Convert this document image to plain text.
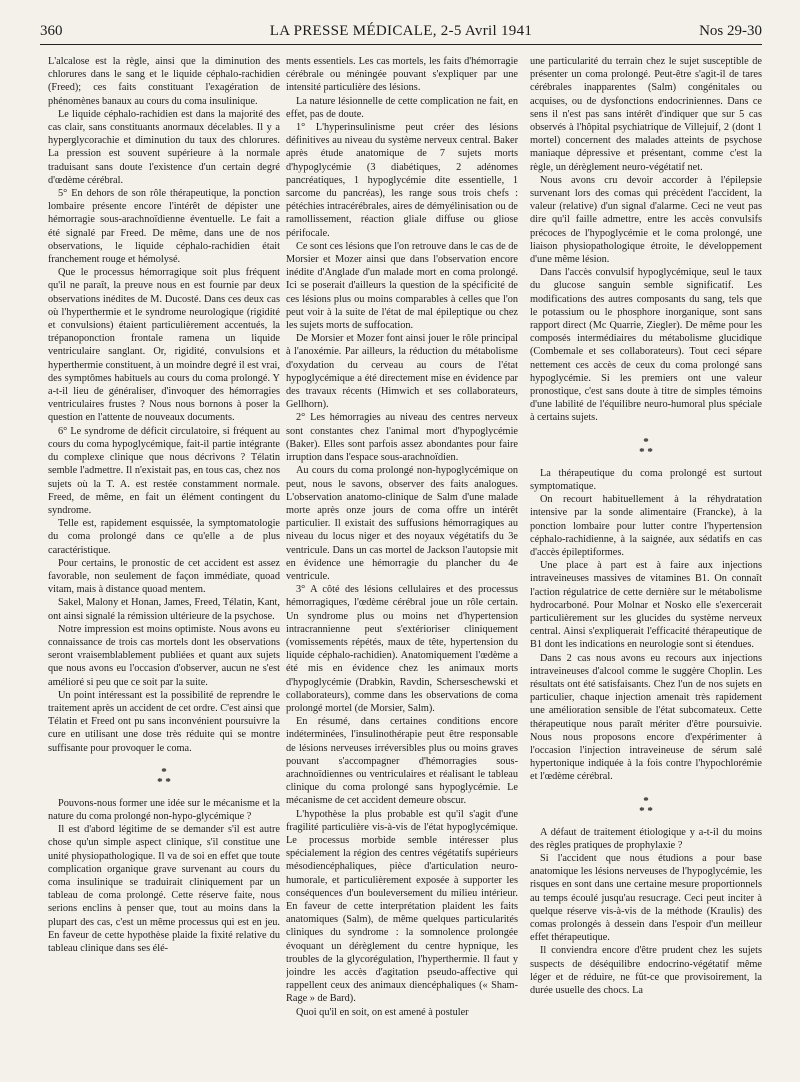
360	LA PRESSE MÉDICALE, 2-5 Avril 1941	Nos 29-30

L'alcalose est la règle, ainsi que la diminution des chlorures dans le sang et le liquide céphalo-rachidien (Freed); ces faits constituant l'exagération de phénomènes banaux au cours du coma insulinique.

Le liquide céphalo-rachidien est dans la majorité des cas clair, sans constituants anormaux décelables. Il y a hyperglycorachie et diminution du taux des chlorures. La pression est souvent supérieure à la normale traduisant sans doute l'existence d'un certain degré d'œdème cérébral.

5° En dehors de son rôle thérapeutique, la ponction lombaire présente encore l'intérêt de dépister une hémorragie sous-arachnoïdienne éventuelle. Le fait a été signalé par Freed. De même, dans une de nos observations, le liquide céphalo-rachidien était franchement rouge et hémolysé.

Que le processus hémorragique soit plus fréquent qu'il ne paraît, la preuve nous en est fournie par deux observations inédites de M. Ducosté. Dans ces deux cas où l'hyperthermie et le syndrome neurologique (rigidité et convulsions) étaient particulièrement accentués, la trépanoponction frontale ramena un liquide ventriculaire sanglant. Or, rigidité, convulsions et hyperthermie constituent, à un moindre degré il est vrai, des symptômes habituels au cours du coma prolongé. Y a-t-il lieu de généraliser, d'invoquer des hémorragies ventriculaires frustes ? Nous nous bornons à poser la question en l'attente de nouveaux documents.

6° Le syndrome de déficit circulatoire, si fréquent au cours du coma hypoglycémique, fait-il partie intégrante du complexe clinique que nous décrivons ? Télatin semble l'admettre. Il n'existait pas, en tous cas, chez nos sujets où la T. A. est restée constamment normale. Freed, de même, en fait un élément contingent du syndrome.

Telle est, rapidement esquissée, la symptomatologie du coma prolongé dans ce qu'elle a de plus caractéristique.

Pour certains, le pronostic de cet accident est assez favorable, non seulement de façon immédiate, quoad vitam, mais à distance quoad mentem.

Sakel, Malony et Honan, James, Freed, Télatin, Kant, ont ainsi signalé la rémission ultérieure de la psychose.

Notre impression est moins optimiste. Nous avons eu connaissance de trois cas mortels dont les observations seront vraisemblablement publiées et quant aux sujets que nous avons eu l'occasion d'observer, aucun ne s'est amélioré si peu que ce soit par la suite.

Un point intéressant est la possibilité de reprendre le traitement après un accident de cet ordre. C'est ainsi que Télatin et Freed ont pu sans inconvénient poursuivre la cure en utilisant une dose très réduite qui se montre suffisante pour provoquer le coma.

*
* *

Pouvons-nous former une idée sur le mécanisme et la nature du coma prolongé non-hypo-glycémique ?

Il est d'abord légitime de se demander s'il est autre chose qu'un simple aspect clinique, s'il constitue une unité physiopathologique. Il va de soi en effet que toute complication organique grave survenant au cours du coma insulinique se traduirait cliniquement par un tableau de coma prolongé. Cette réserve faite, nous serions enclins à penser que, tout au moins dans la plupart des cas, c'est un même processus qui est en jeu. En faveur de cette hypothèse plaide la fixité relative du tableau clinique dans ses élé-

ments essentiels. Les cas mortels, les faits d'hémorragie cérébrale ou méningée pouvant s'expliquer par une intensité particulière des lésions.

La nature lésionnelle de cette complication ne fait, en effet, pas de doute.

1° L'hyperinsulinisme peut créer des lésions définitives au niveau du système nerveux central. Baker après étude anatomique de 7 sujets morts d'hypoglycémie (3 diabétiques, 2 adénomes pancréatiques, 1 hypoglycémie dite essentielle, 1 sarcome du pancréas), les range sous trois chefs : pétéchies intracérébrales, aires de démyélinisation ou de ramollissement, réaction gliale diffuse ou gliose périfocale.

Ce sont ces lésions que l'on retrouve dans le cas de de Morsier et Mozer ainsi que dans l'observation encore inédite d'Anglade d'un malade mort en coma prolongé. Ici se poserait d'ailleurs la question de la spécificité de ces lésions plus ou moins comparables à celles que l'on peut voir à la suite de l'état de mal épileptique ou chez les sujets morts de suffocation.

De Morsier et Mozer font ainsi jouer le rôle principal à l'anoxémie. Par ailleurs, la réduction du métabolisme d'oxydation du cerveau au cours de l'état hypoglycémique a été directement mise en évidence par des travaux récents (Himwich et ses collaborateurs, Gellhorn).

2° Les hémorragies au niveau des centres nerveux sont constantes chez l'animal mort d'hypoglycémie (Baker). Elles sont parfois assez abondantes pour faire irruption dans l'espace sous-arachnoïdien.

Au cours du coma prolongé non-hypoglycémique on peut, nous le savons, observer des faits analogues. L'observation anatomo-clinique de Salm d'une malade morte après onze jours de coma offre un intérêt particulier. Il existait des suffusions hémorragiques au niveau du locus niger et des noyaux végétatifs du 3e ventricule. Dans un cas mortel de Jackson l'autopsie mit en évidence une hémorragie du plancher du 4e ventricule.

3° A côté des lésions cellulaires et des processus hémorragiques, l'œdème cérébral joue un rôle certain. Un syndrome plus ou moins net d'hypertension intracrannienne peut s'extérioriser cliniquement (vomissements répétés, maux de tête, hypertension du liquide céphalo-rachidien). Anatomiquement l'œdème a été mis en évidence chez les animaux morts d'hypoglycémie (Drabkin, Ravdin, Scherseschewski et collaborateurs), comme dans les observations de coma prolongé mortel (de Morsier, Salm).

En résumé, dans certaines conditions encore indéterminées, l'insulinothérapie peut être responsable de lésions nerveuses irréversibles plus ou moins graves pouvant s'accompagner d'hémorragies sous-arachnoïdiennes ou ventriculaires et réalisant le tableau clinique du coma prolongé sans hypoglycémie. Le mécanisme de cet accident demeure obscur.

L'hypothèse la plus probable est qu'il s'agit d'une fragilité particulière vis-à-vis de l'état hypoglycémique. Le processus morbide semble intéresser plus spécialement la région des centres végétatifs supérieurs mésodiencéphaliques, pièce d'articulation neuro-humorale, et particulièrement exposée à supporter les conséquences d'un bouleversement du milieu intérieur. En faveur de cette interprétation plaident les faits anatomiques (Salm), de même quelques particularités cliniques du syndrome : la somnolence prolongée évoquant un dérèglement du centre hypnique, les troubles de la glycorégulation, l'hyperthermie. Il faut y joindre les accès d'agitation pseudo-affective qui rappellent ceux des animaux diencéphaliques (« Sham-Rage » de Bard).

Quoi qu'il en soit, on est amené à postuler

une particularité du terrain chez le sujet susceptible de présenter un coma prolongé. Peut-être s'agit-il de tares cérébrales inapparentes (Salm) congénitales ou acquises, ou de dysfonctions endocriniennes. Dans ce sens il n'est pas sans intérêt d'indiquer que sur 5 cas observés à l'hôpital psychiatrique de Villejuif, 2 (dont 1 mortel) concernent des malades atteints de psychose maniaque dépressive et présentant, comme c'est la règle, un dérèglement neuro-végétatif net.

Nous avons cru devoir accorder à l'épilepsie survenant lors des comas qui précèdent l'accident, la valeur (relative) d'un signal d'alarme. Ceci ne veut pas dire qu'il faille admettre, entre les accès convulsifs précoces de l'hypoglycémie et le coma prolongé, une liaison physiopathologique étroite, le développement d'une même lésion.

Dans l'accès convulsif hypoglycémique, seul le taux du glucose sanguin semble significatif. Les modifications des autres composants du sang, tels que le potassium ou le phosphore inorganique, sont sans rapport direct (Mc Quarrie, Ziegler). De même pour les composés intermédiaires du métabolisme glucidique (Combemale et ses collaborateurs). Tout ceci sépare nettement ces accès de ceux du coma prolongé sans hypoglycémie. Si les premiers ont une valeur pronostique, c'est sans doute à titre de simples témoins d'une labilité de l'équilibre neuro-humoral plus spéciale à certains sujets.

*
* *

La thérapeutique du coma prolongé est surtout symptomatique.

On recourt habituellement à la réhydratation intensive par la sonde alimentaire (Francke), à la ponction lombaire pour lutter contre l'hypertension céphalo-rachidienne, à la saignée, aux sédatifs en cas d'accès épileptiformes.

Une place à part est à faire aux injections intraveineuses massives de vitamines B1. On connaît l'action régulatrice de cette dernière sur le métabolisme hydrocarboné. Pour Molnar et Nosko elle s'exercerait particulièrement sur les glucides du système nerveux central. Ainsi s'expliquerait l'efficacité thérapeutique de B1 dont les indications en neurologie sont si étendues.

Dans 2 cas nous avons eu recours aux injections intraveineuses d'alcool comme le suggère Choplin. Les résultats ont été satisfaisants. Chez l'un de nos sujets en particulier, chaque injection amenait très rapidement une amélioration sensible de l'état subcomateux. Cette thérapeutique nous paraît mériter d'être poursuivie. Nous nous proposons encore d'expérimenter à l'occasion l'injection intraveineuse de sérum salé hypertonique indiquée à la fois contre l'hypochlorémie et l'œdème cérébral.

*
* *

A défaut de traitement étiologique y a-t-il du moins des règles pratiques de prophylaxie ?

Si l'accident que nous étudions a pour base anatomique les lésions nerveuses de l'hypoglycémie, les risques en sont dans une certaine mesure proportionnels au temps écoulé jusqu'au resucrage. Ceci peut inciter à quelque réserve vis-à-vis de la méthode (Kraulis) des comas prolongés à dessein dans l'espoir d'un meilleur effet thérapeutique.

Il conviendra encore d'être prudent chez les sujets suspects de déséquilibre endocrino-végétatif même léger et de réduire, ne fût-ce que provisoirement, la durée usuelle des chocs. La
